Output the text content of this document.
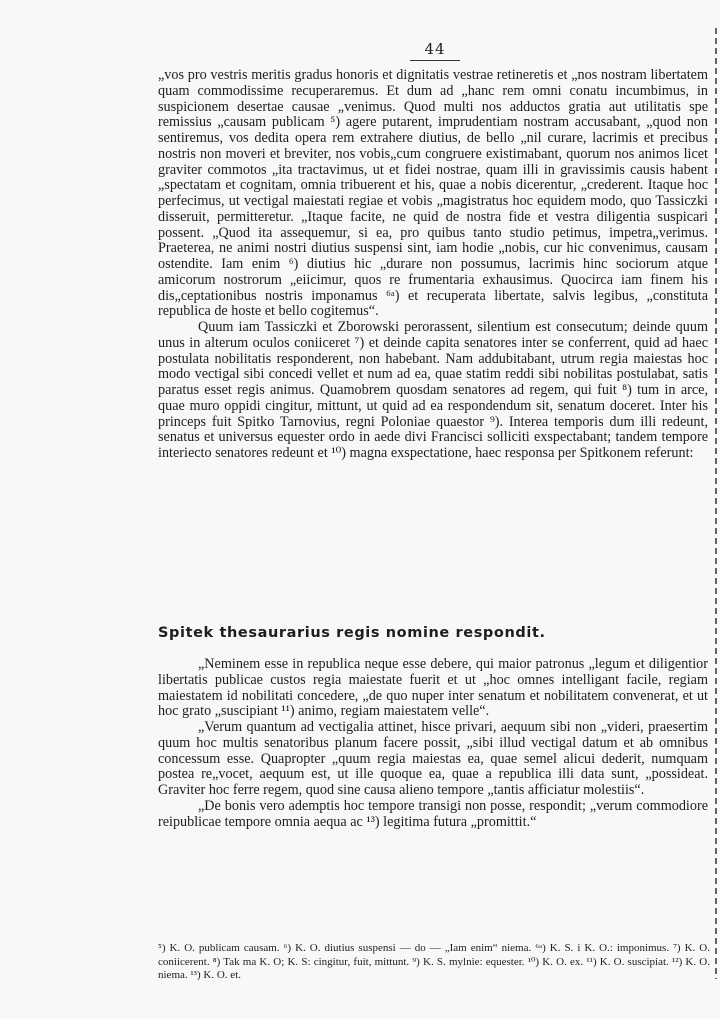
44

„vos pro vestris meritis gradus honoris et dignitatis vestrae retineretis et „nos nostram libertatem quam commodissime recuperaremus. Et dum ad „hanc rem omni conatu incumbimus, in suspicionem desertae causae „venimus. Quod multi nos adductos gratia aut utilitatis spe remissius „causam publicam ⁵) agere putarent, imprudentiam nostram accusabant, „quod non sentiremus, vos dedita opera rem extrahere diutius, de bello „nil curare, lacrimis et precibus nostris non moveri et breviter, nos vobis„cum congruere existimabant, quorum nos animos licet graviter commotos „ita tractavimus, ut et fidei nostrae, quam illi in gravissimis causis habent „spectatam et cognitam, omnia tribuerent et his, quae a nobis dicerentur, „crederent. Itaque hoc perfecimus, ut vectigal maiestati regiae et vobis „magistratus hoc equidem modo, quo Tassiczki disseruit, permitteretur. „Itaque facite, ne quid de nostra fide et vestra diligentia suspicari possent. „Quod ita assequemur, si ea, pro quibus tanto studio petimus, impetra„verimus. Praeterea, ne animi nostri diutius suspensi sint, iam hodie „nobis, cur hic convenimus, causam ostendite. Iam enim ⁶) diutius hic „durare non possumus, lacrimis hinc sociorum atque amicorum nostrorum „eiicimur, quos re frumentaria exhausimus. Quocirca iam finem his dis„ceptationibus nostris imponamus ⁶ᵃ) et recuperata libertate, salvis legibus, „constituta republica de hoste et bello cogitemus“.

Quum iam Tassiczki et Zborowski perorassent, silentium est consecutum; deinde quum unus in alterum oculos coniiceret ⁷) et deinde capita senatores inter se conferrent, quid ad haec postulata nobilitatis responderent, non habebant. Nam addubitabant, utrum regia maiestas hoc modo vectigal sibi concedi vellet et num ad ea, quae statim reddi sibi nobilitas postulabat, satis paratus esset regis animus. Quamobrem quosdam senatores ad regem, qui fuit ⁸) tum in arce, quae muro oppidi cingitur, mittunt, ut quid ad ea respondendum sit, senatum doceret. Inter his princeps fuit Spitko Tarnovius, regni Poloniae quaestor ⁹). Interea temporis dum illi redeunt, senatus et universus equester ordo in aede divi Francisci solliciti exspectabant; tandem tempore interiecto senatores redeunt et ¹⁰) magna exspectatione, haec responsa per Spitkonem referunt:

Spitek thesaurarius regis nomine respondit.

„Neminem esse in republica neque esse debere, qui maior patronus „legum et diligentior libertatis publicae custos regia maiestate fuerit et ut „hoc omnes intelligant facile, regiam maiestatem id nobilitati concedere, „de quo nuper inter senatum et nobilitatem convenerat, et ut hoc grato „suscipiant ¹¹) animo, regiam maiestatem velle“.

„Verum quantum ad vectigalia attinet, hisce privari, aequum sibi non „videri, praesertim quum hoc multis senatoribus planum facere possit, „sibi illud vectigal datum et ab omnibus concessum esse. Quapropter „quum regia maiestas ea, quae semel alicui dederit, numquam postea re„vocet, aequum est, ut ille quoque ea, quae a republica illi data sunt, „possideat. Graviter hoc ferre regem, quod sine causa alieno tempore „tantis afficiatur molestiis“.

„De bonis vero ademptis hoc tempore transigi non posse, respondit; „verum commodiore reipublicae tempore omnia aequa ac ¹³) legitima futura „promittit.“

⁵) K. O. publicam causam. ⁶) K. O. diutius suspensi — do — „Iam enim“ niema. ⁶ᵃ) K. S. i K. O.: imponimus. ⁷) K. O. coniicerent. ⁸) Tak ma K. O; K. S: cingitur, fuit, mittunt. ⁹) K. S. mylnie: equester. ¹⁰) K. O. ex. ¹¹) K. O. suscipiat. ¹²) K. O. niema. ¹³) K. O. et.
